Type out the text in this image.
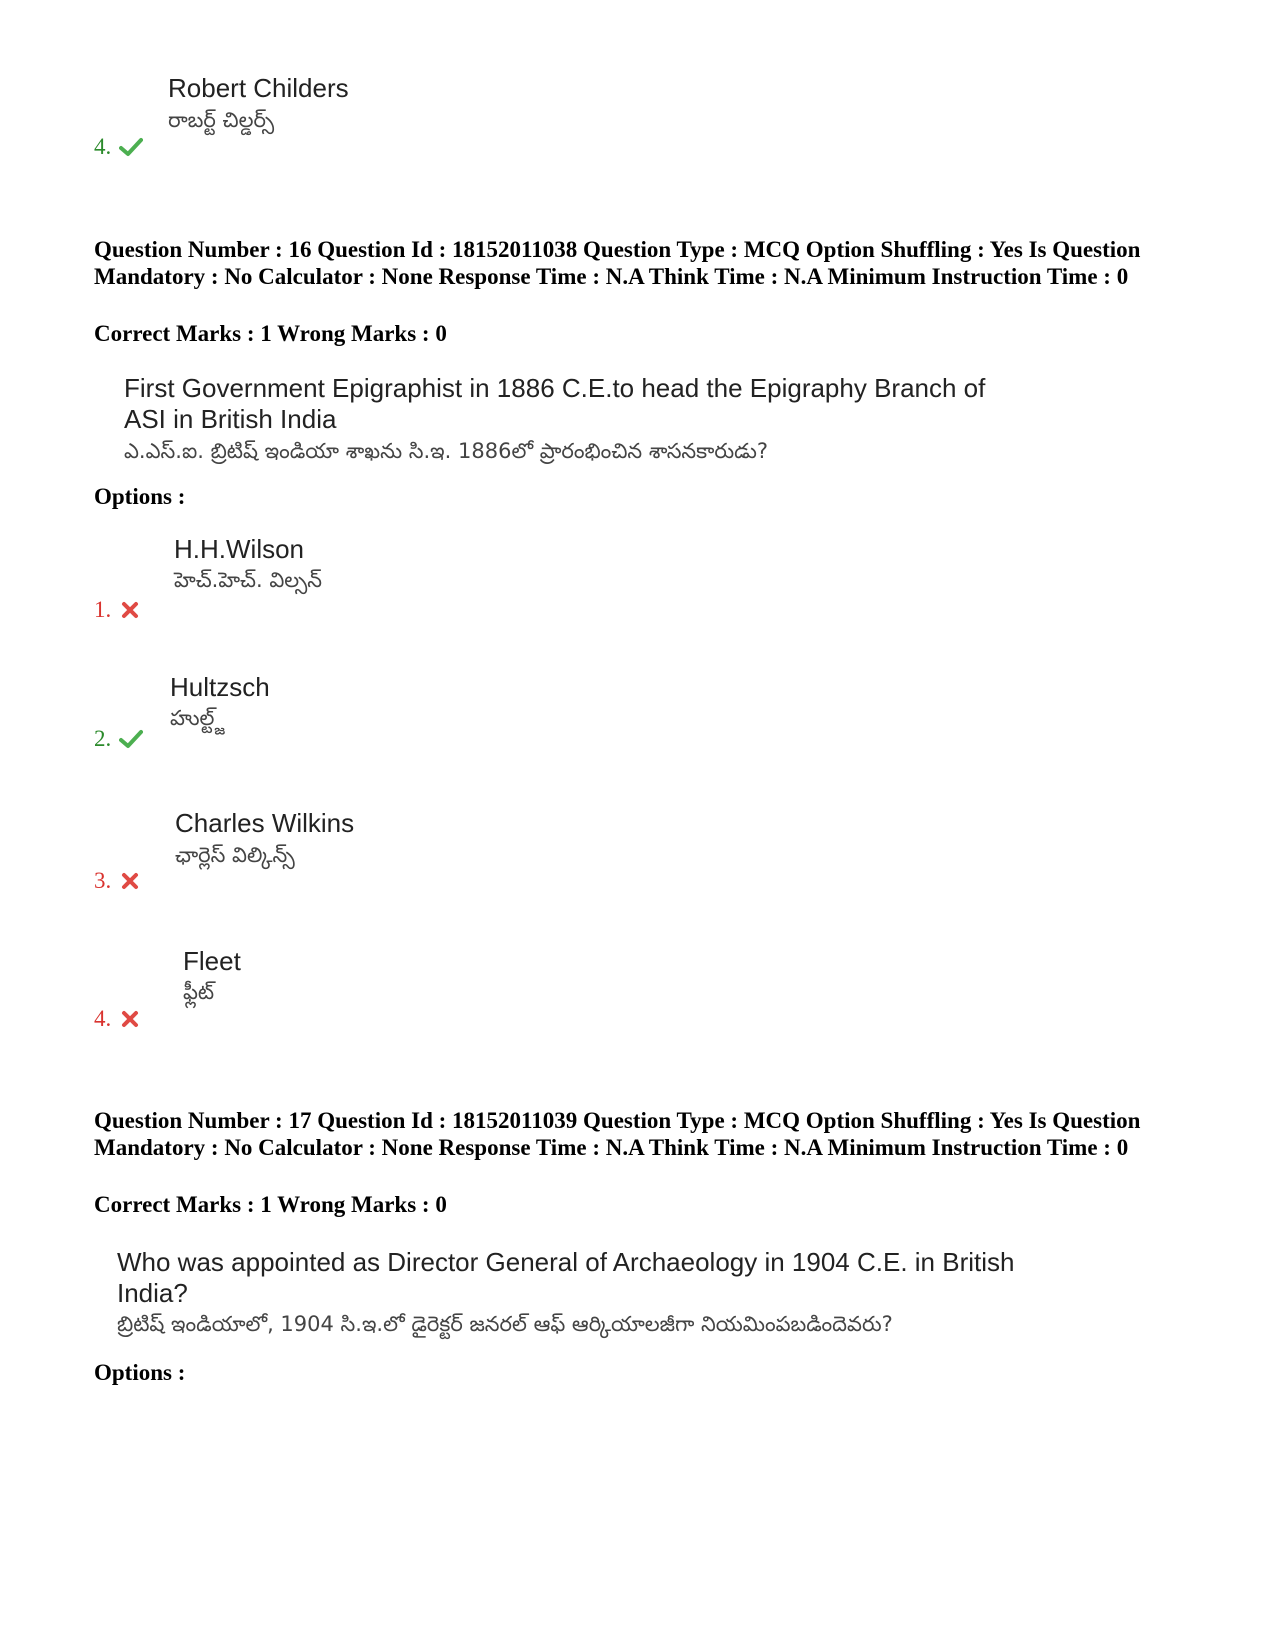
Robert Childers
రాబర్ట్ చిల్డర్స్
4.
Question Number : 16 Question Id : 18152011038 Question Type : MCQ Option Shuffling : Yes Is Question Mandatory : No Calculator : None Response Time : N.A Think Time : N.A Minimum Instruction Time : 0
Correct Marks : 1 Wrong Marks : 0
First Government Epigraphist in 1886 C.E.to head the Epigraphy Branch of ASI in British India
ఎ.ఎస్.ఐ. బ్రిటిష్ ఇండియా శాఖను సి.ఇ. 1886లో ప్రారంభించిన శాసనకారుడు?
Options :
H.H.Wilson
హెచ్.హెచ్. విల్సన్
1.
Hultzsch
హుల్ట్జ్
2.
Charles Wilkins
ఛార్లెస్ విల్కిన్స్
3.
Fleet
ఫ్లీట్
4.
Question Number : 17 Question Id : 18152011039 Question Type : MCQ Option Shuffling : Yes Is Question Mandatory : No Calculator : None Response Time : N.A Think Time : N.A Minimum Instruction Time : 0
Correct Marks : 1 Wrong Marks : 0
Who was appointed as Director General of Archaeology in 1904 C.E. in British India?
బ్రిటిష్ ఇండియాలో, 1904 సి.ఇ.లో డైరెక్టర్ జనరల్ ఆఫ్ ఆర్కియాలజీగా నియమింపబడిందెవరు?
Options :
